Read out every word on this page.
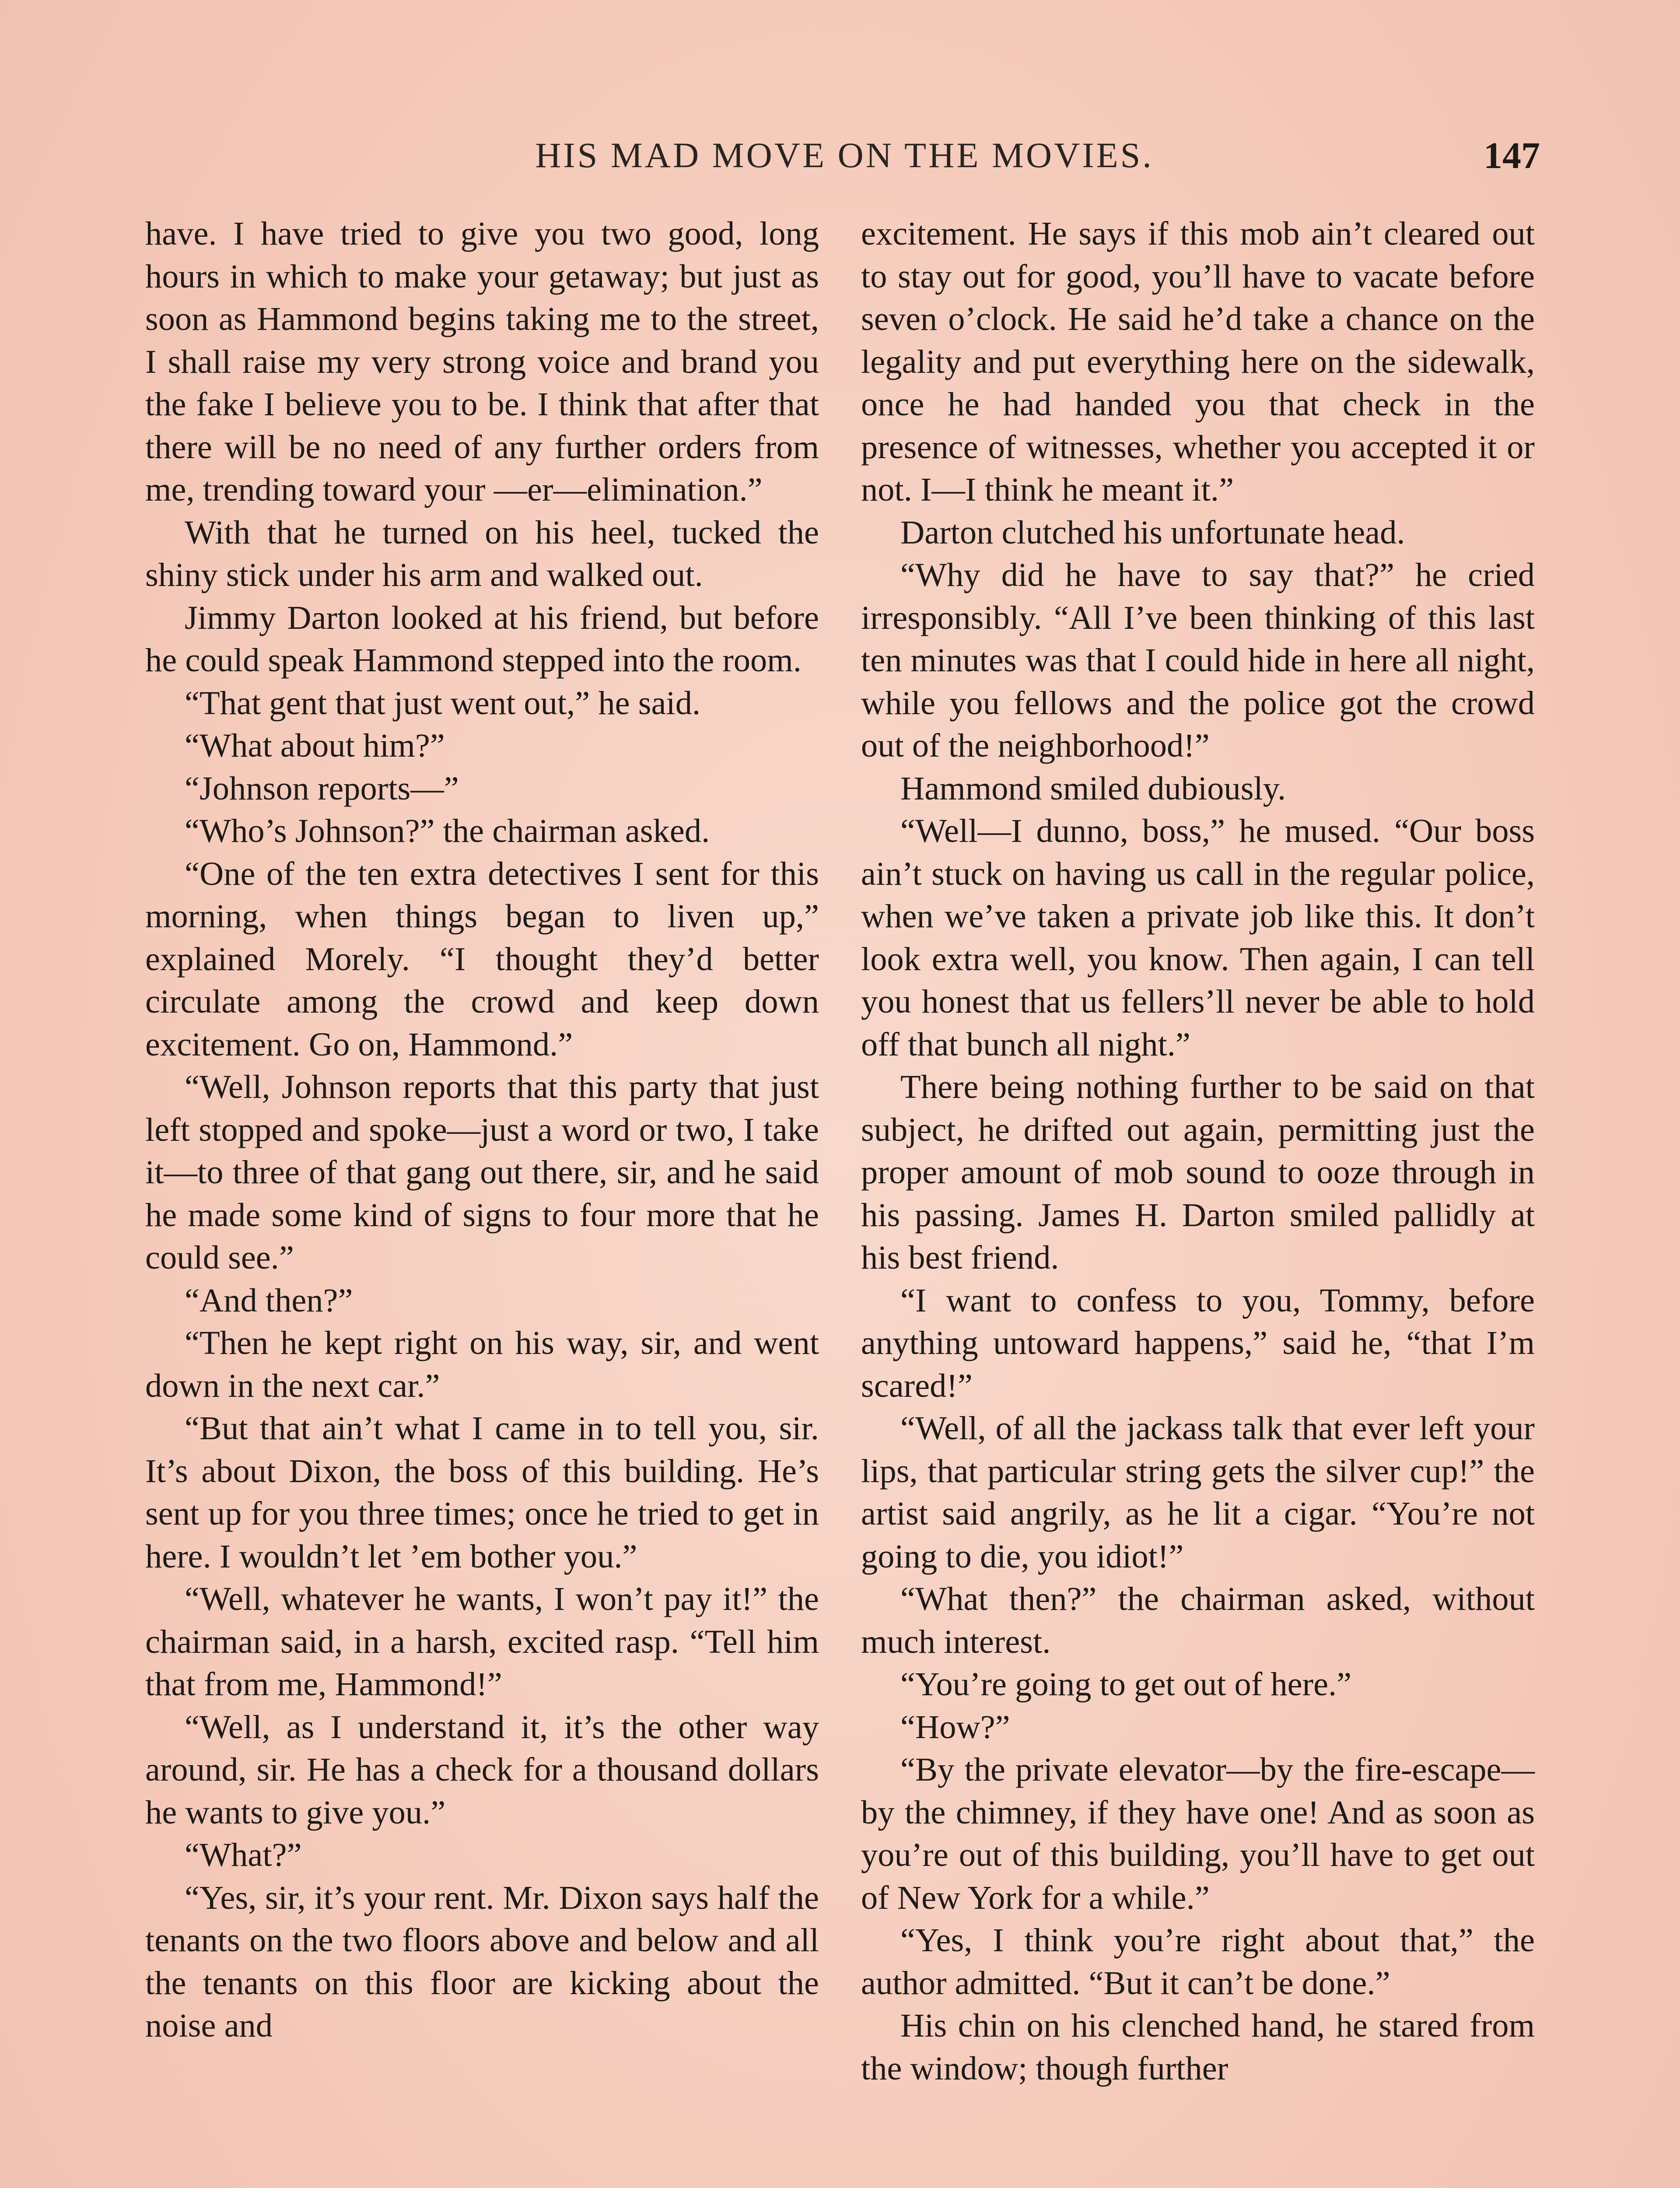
HIS MAD MOVE ON THE MOVIES.	147

have. I have tried to give you two good, long hours in which to make your getaway; but just as soon as Hammond begins taking me to the street, I shall raise my very strong voice and brand you the fake I believe you to be. I think that after that there will be no need of any further orders from me, trending toward your —er—elimination.”

With that he turned on his heel, tucked the shiny stick under his arm and walked out.

Jimmy Darton looked at his friend, but before he could speak Hammond stepped into the room.

“That gent that just went out,” he said.

“What about him?”

“Johnson reports—”

“Who’s Johnson?” the chairman asked.

“One of the ten extra detectives I sent for this morning, when things began to liven up,” explained Morely. “I thought they’d better circulate among the crowd and keep down excitement. Go on, Hammond.”

“Well, Johnson reports that this party that just left stopped and spoke—just a word or two, I take it—to three of that gang out there, sir, and he said he made some kind of signs to four more that he could see.”

“And then?”

“Then he kept right on his way, sir, and went down in the next car.”

“But that ain’t what I came in to tell you, sir. It’s about Dixon, the boss of this building. He’s sent up for you three times; once he tried to get in here. I wouldn’t let ’em bother you.”

“Well, whatever he wants, I won’t pay it!” the chairman said, in a harsh, excited rasp. “Tell him that from me, Hammond!”

“Well, as I understand it, it’s the other way around, sir. He has a check for a thousand dollars he wants to give you.”

“What?”

“Yes, sir, it’s your rent. Mr. Dixon says half the tenants on the two floors above and below and all the tenants on this floor are kicking about the noise and

excitement. He says if this mob ain’t cleared out to stay out for good, you’ll have to vacate before seven o’clock. He said he’d take a chance on the legality and put everything here on the sidewalk, once he had handed you that check in the presence of witnesses, whether you accepted it or not. I—I think he meant it.”

Darton clutched his unfortunate head.

“Why did he have to say that?” he cried irresponsibly. “All I’ve been thinking of this last ten minutes was that I could hide in here all night, while you fellows and the police got the crowd out of the neighborhood!”

Hammond smiled dubiously.

“Well—I dunno, boss,” he mused. “Our boss ain’t stuck on having us call in the regular police, when we’ve taken a private job like this. It don’t look extra well, you know. Then again, I can tell you honest that us fellers’ll never be able to hold off that bunch all night.”

There being nothing further to be said on that subject, he drifted out again, permitting just the proper amount of mob sound to ooze through in his passing. James H. Darton smiled pallidly at his best friend.

“I want to confess to you, Tommy, before anything untoward happens,” said he, “that I’m scared!”

“Well, of all the jackass talk that ever left your lips, that particular string gets the silver cup!” the artist said angrily, as he lit a cigar. “You’re not going to die, you idiot!”

“What then?” the chairman asked, without much interest.

“You’re going to get out of here.”

“How?”

“By the private elevator—by the fire-escape—by the chimney, if they have one! And as soon as you’re out of this building, you’ll have to get out of New York for a while.”

“Yes, I think you’re right about that,” the author admitted. “But it can’t be done.”

His chin on his clenched hand, he stared from the window; though further
